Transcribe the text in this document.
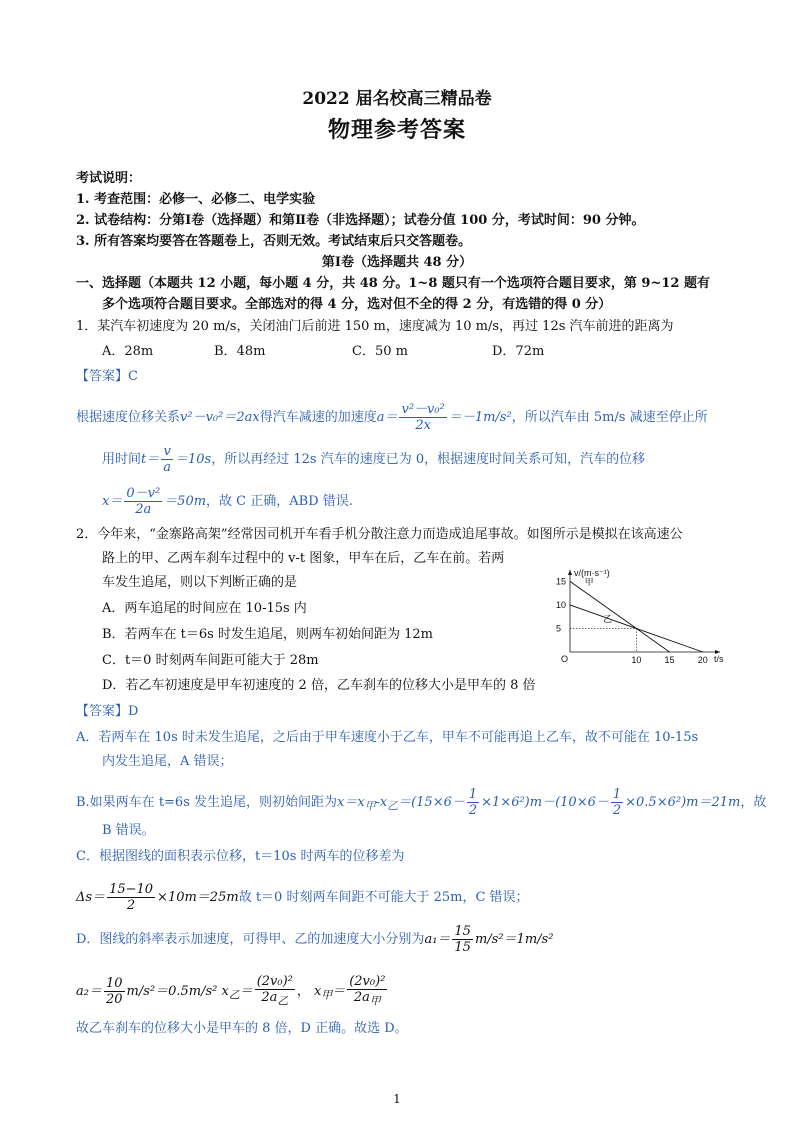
2022 届名校高三精品卷
物理参考答案
考试说明：
1. 考查范围：必修一、必修二、电学实验
2. 试卷结构：分第Ⅰ卷（选择题）和第Ⅱ卷（非选择题）；试卷分值 100 分，考试时间：90 分钟。
3. 所有答案均要答在答题卷上，否则无效。考试结束后只交答题卷。
第Ⅰ卷（选择题共 48 分）
一、选择题（本题共 12 小题，每小题 4 分，共 48 分。1~8 题只有一个选项符合题目要求，第 9~12 题有
多个选项符合题目要求。全部选对的得 4 分，选对但不全的得 2 分，有选错的得 0 分）
1．某汽车初速度为 20 m/s，关闭油门后前进 150 m，速度减为 10 m/s，再过 12s 汽车前进的距离为
A．28m	B．48m	C．50 m	D．72m
【答案】C
根据速度位移关系v²－v₀²＝2ax得汽车减速的加速度$a= \frac{\text{v²－v₀²}}{2x} =-1m/s^2$，所以汽车由 5m/s 减速至停止所
用时间$t= \frac{v}{a} =10s$，所以再经过 12s 汽车的速度已为 0，根据速度时间关系可知，汽车的位移
$x= \frac{\text{0－v²}}{2a} =50m$，故 C 正确，ABD 错误.
2．今年来，“金寨路高架”经常因司机开车看手机分散注意力而造成追尾事故。如图所示是模拟在该高速公
路上的甲、乙两车刹车过程中的 v-t 图象，甲车在后，乙车在前。若两
车发生追尾，则以下判断正确的是
A．两车追尾的时间应在 10-15s 内
B．若两车在 t＝6s 时发生追尾，则两车初始间距为 12m
C．t＝0 时刻两车间距可能大于 28m
D．若乙车初速度是甲车初速度的 2 倍，乙车刹车的位移大小是甲车的 8 倍
t/s
v/(m·s⁻¹)
O	10	15	20
5
10
15 甲
乙
【答案】D
A．若两车在 10s 时未发生追尾，之后由于甲车速度小于乙车，甲车不可能再追上乙车，故不可能在 10-15s
内发生追尾，A 错误；
B.如果两车在 t=6s 发生追尾，则初始间距为$x=x_甲-x_乙=(15\times 6- \frac{1}{2} \times 1\times 6^2)m-(10\times 6- \frac{1}{2} \times 0.5\times 6^2)m=21m$，故
B 错误。
C．根据图线的面积表示位移，t＝10s 时两车的位移差为
$\Delta s= \frac{15-10}{2} \times 10m=25m$故 t＝0 时刻两车间距不可能大于 25m，C 错误；
D．图线的斜率表示加速度，可得甲、乙的加速度大小分别为$a_1= \frac{15}{15} m/s^2=1m/s^2$
$a_2= \frac{10}{20} m/s^2=0.5m/s^2$ $x_乙= \frac{\text{(2v₀)²}}{2a_乙}$ ， $x_甲= \frac{\text{(2v₀)²}}{2a_甲}$
故乙车刹车的位移大小是甲车的 8 倍，D 正确。故选 D。
1
